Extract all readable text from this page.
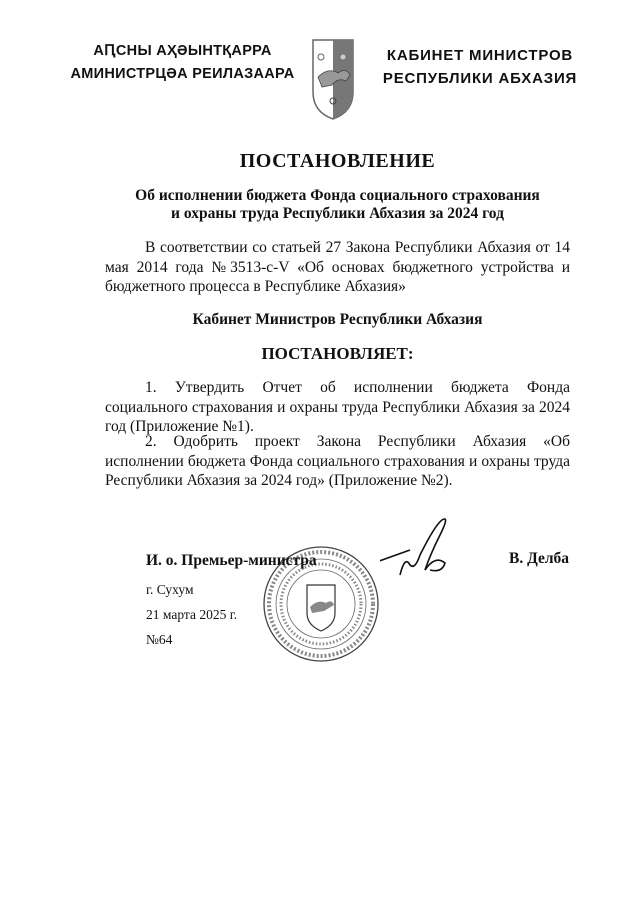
АԤСНЫ АҲӘЫНТҚАРРА
АМИНИСТРЦӘА РЕИЛАЗААРА
КАБИНЕТ МИНИСТРОВ
РЕСПУБЛИКИ АБХАЗИЯ
ПОСТАНОВЛЕНИЕ
Об исполнении бюджета Фонда социального страхования
и охраны труда Республики Абхазия за 2024 год
В соответствии со статьей 27 Закона Республики Абхазия от 14 мая 2014 года №3513-с-V «Об основах бюджетного устройства и бюджетного процесса в Республике Абхазия»
Кабинет Министров Республики Абхазия
ПОСТАНОВЛЯЕТ:
1. Утвердить Отчет об исполнении бюджета Фонда социального страхования и охраны труда Республики Абхазия за 2024 год (Приложение №1).
2. Одобрить проект Закона Республики Абхазия «Об исполнении бюджета Фонда социального страхования и охраны труда Республики Абхазия за 2024 год» (Приложение №2).
И. о. Премьер-министра	В. Делба
г. Сухум
21 марта 2025 г.
№64
